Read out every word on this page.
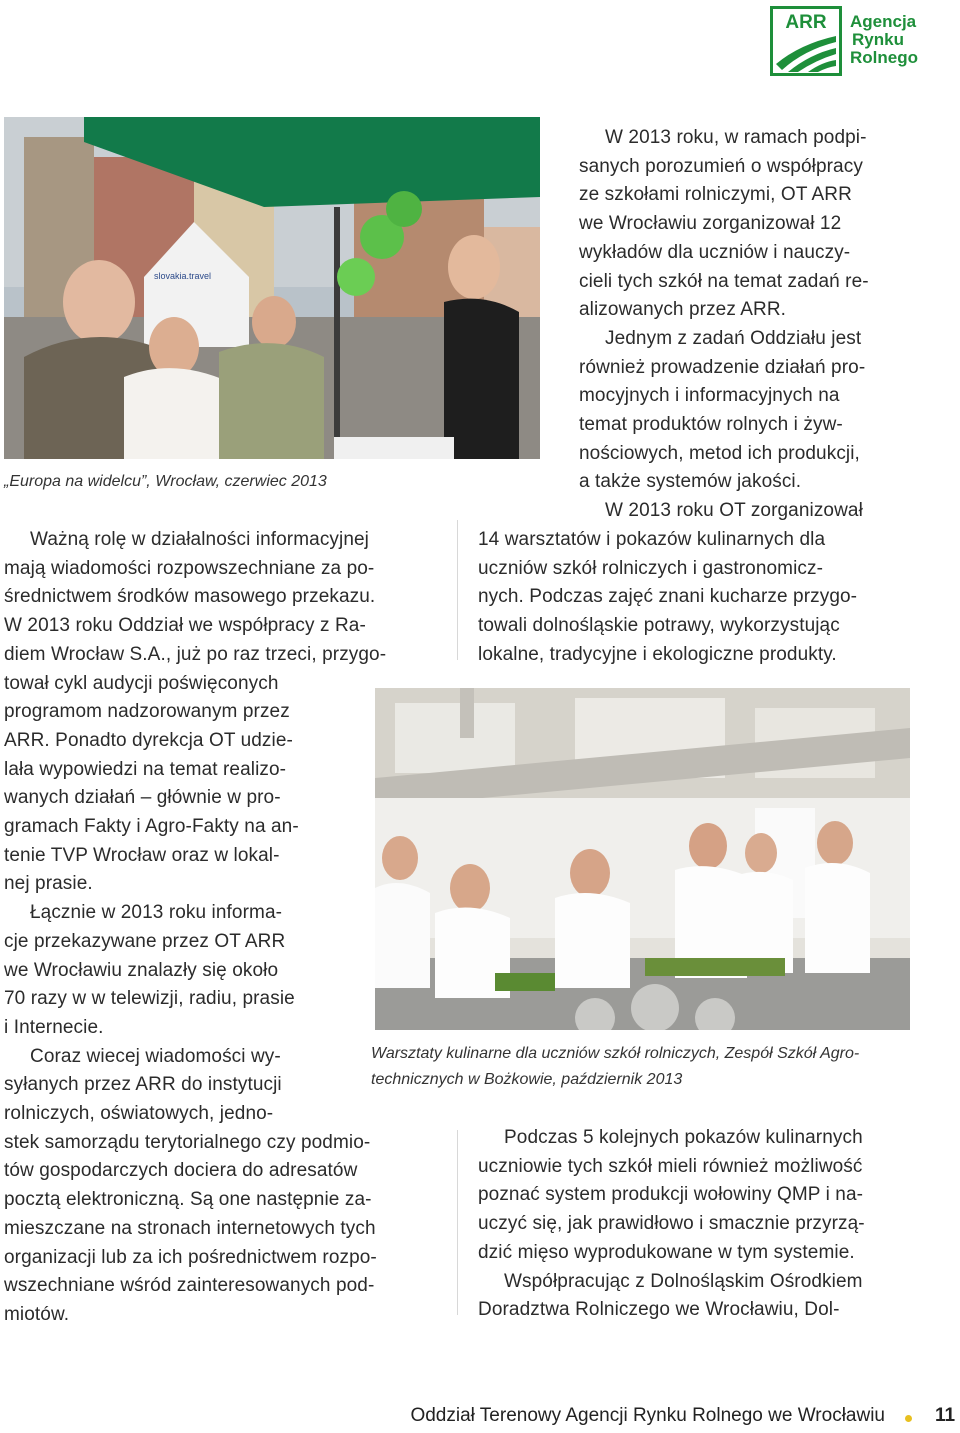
ARR Agencja
Rynku
Rolnego
slovakia.travel
„Europa na widelcu”, Wrocław, czerwiec 2013
W 2013 roku, w ramach podpi-
sanych porozumień o współpracy
ze szkołami rolniczymi, OT ARR
we Wrocławiu zorganizował 12
wykładów dla uczniów i nauczy-
cieli tych szkół na temat zadań re-
alizowanych przez ARR.
Jednym z zadań Oddziału jest
również prowadzenie działań pro-
mocyjnych i informacyjnych na
temat produktów rolnych i żyw-
nościowych, metod ich produkcji,
a także systemów jakości.
W 2013 roku OT zorganizował
14 warsztatów i pokazów kulinarnych dla
uczniów szkół rolniczych i gastronomicz-
nych. Podczas zajęć znani kucharze przygo-
towali dolnośląskie potrawy, wykorzystując
lokalne, tradycyjne i ekologiczne produkty.
Ważną rolę w działalności informacyjnej
mają wiadomości rozpowszechniane za po-
średnictwem środków masowego przekazu.
W 2013 roku Oddział we współpracy z Ra-
diem Wrocław S.A., już po raz trzeci, przygo-
tował cykl audycji poświęconych
programom nadzorowanym przez
ARR. Ponadto dyrekcja OT udzie-
lała wypowiedzi na temat realizo-
wanych działań – głównie w pro-
gramach Fakty i Agro-Fakty na an-
tenie TVP Wrocław oraz w lokal-
nej prasie.
Łącznie w 2013 roku informa-
cje przekazywane przez OT ARR
we Wrocławiu znalazły się około
70 razy w w telewizji, radiu, prasie
i Internecie.
Coraz wiecej wiadomości wy-
syłanych przez ARR do instytucji
rolniczych, oświatowych, jedno-
stek samorządu terytorialnego czy podmio-
tów gospodarczych dociera do adresatów
pocztą elektroniczną. Są one następnie za-
mieszczane na stronach internetowych tych
organizacji lub za ich pośrednictwem rozpo-
wszechniane wśród zainteresowanych pod-
miotów.
Warsztaty kulinarne dla uczniów szkół rolniczych, Zespół Szkół Agro-
technicznych w Bożkowie, październik 2013
Podczas 5 kolejnych pokazów kulinarnych
uczniowie tych szkół mieli również możliwość
poznać system produkcji wołowiny QMP i na-
uczyć się, jak prawidłowo i smacznie przyrzą-
dzić mięso wyprodukowane w tym systemie.
Współpracując z Dolnośląskim Ośrodkiem
Doradztwa Rolniczego we Wrocławiu, Dol-
Oddział Terenowy Agencji Rynku Rolnego we Wrocławiu	11
